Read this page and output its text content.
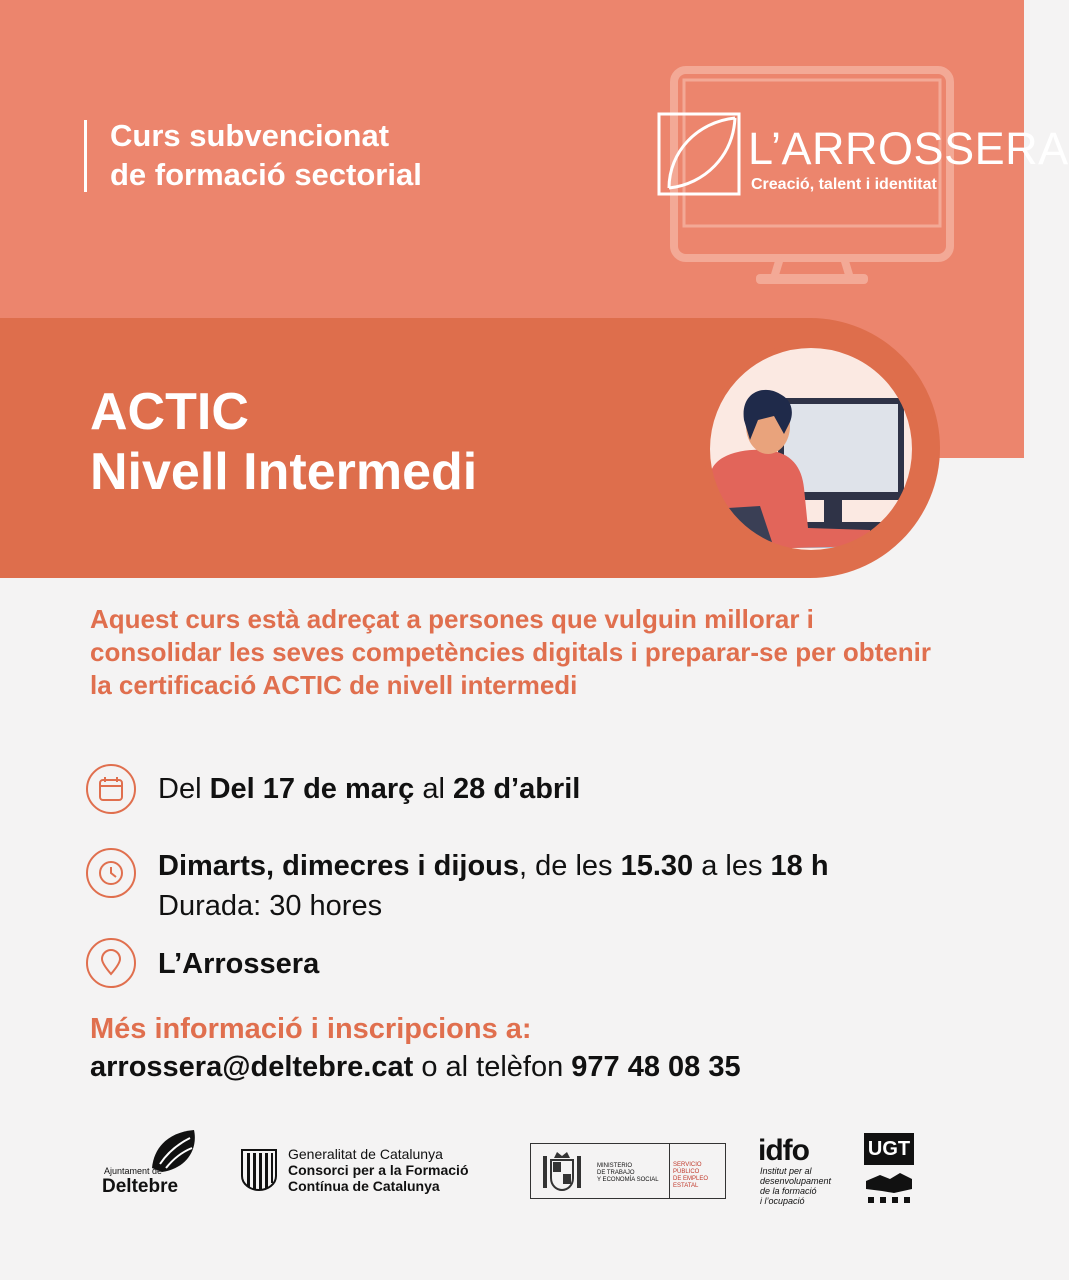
Curs subvencionat
de formació sectorial
L’ARROSSERA
Creació, talent i identitat
ACTIC
Nivell Intermedi
Aquest curs està adreçat a persones que vulguin millorar i consolidar les seves competències digitals i preparar-se per obtenir la certificació ACTIC de nivell intermedi
Del Del 17 de març al 28 d’abril
Dimarts, dimecres i dijous, de les 15.30 a les 18 h
Durada: 30 hores
L’Arrossera
Més informació i inscripcions a:
arrossera@deltebre.cat o al telèfon 977 48 08 35
Ajuntament de
Deltebre
Generalitat de Catalunya
Consorci per a la Formació
Contínua de Catalunya
MINISTERIO
DE TRABAJO
Y ECONOMÍA SOCIAL
SERVICIO PÚBLICO
DE EMPLEO ESTATAL
idfo
Institut per al
desenvolupament
de la formació
i l’ocupació
UGT
